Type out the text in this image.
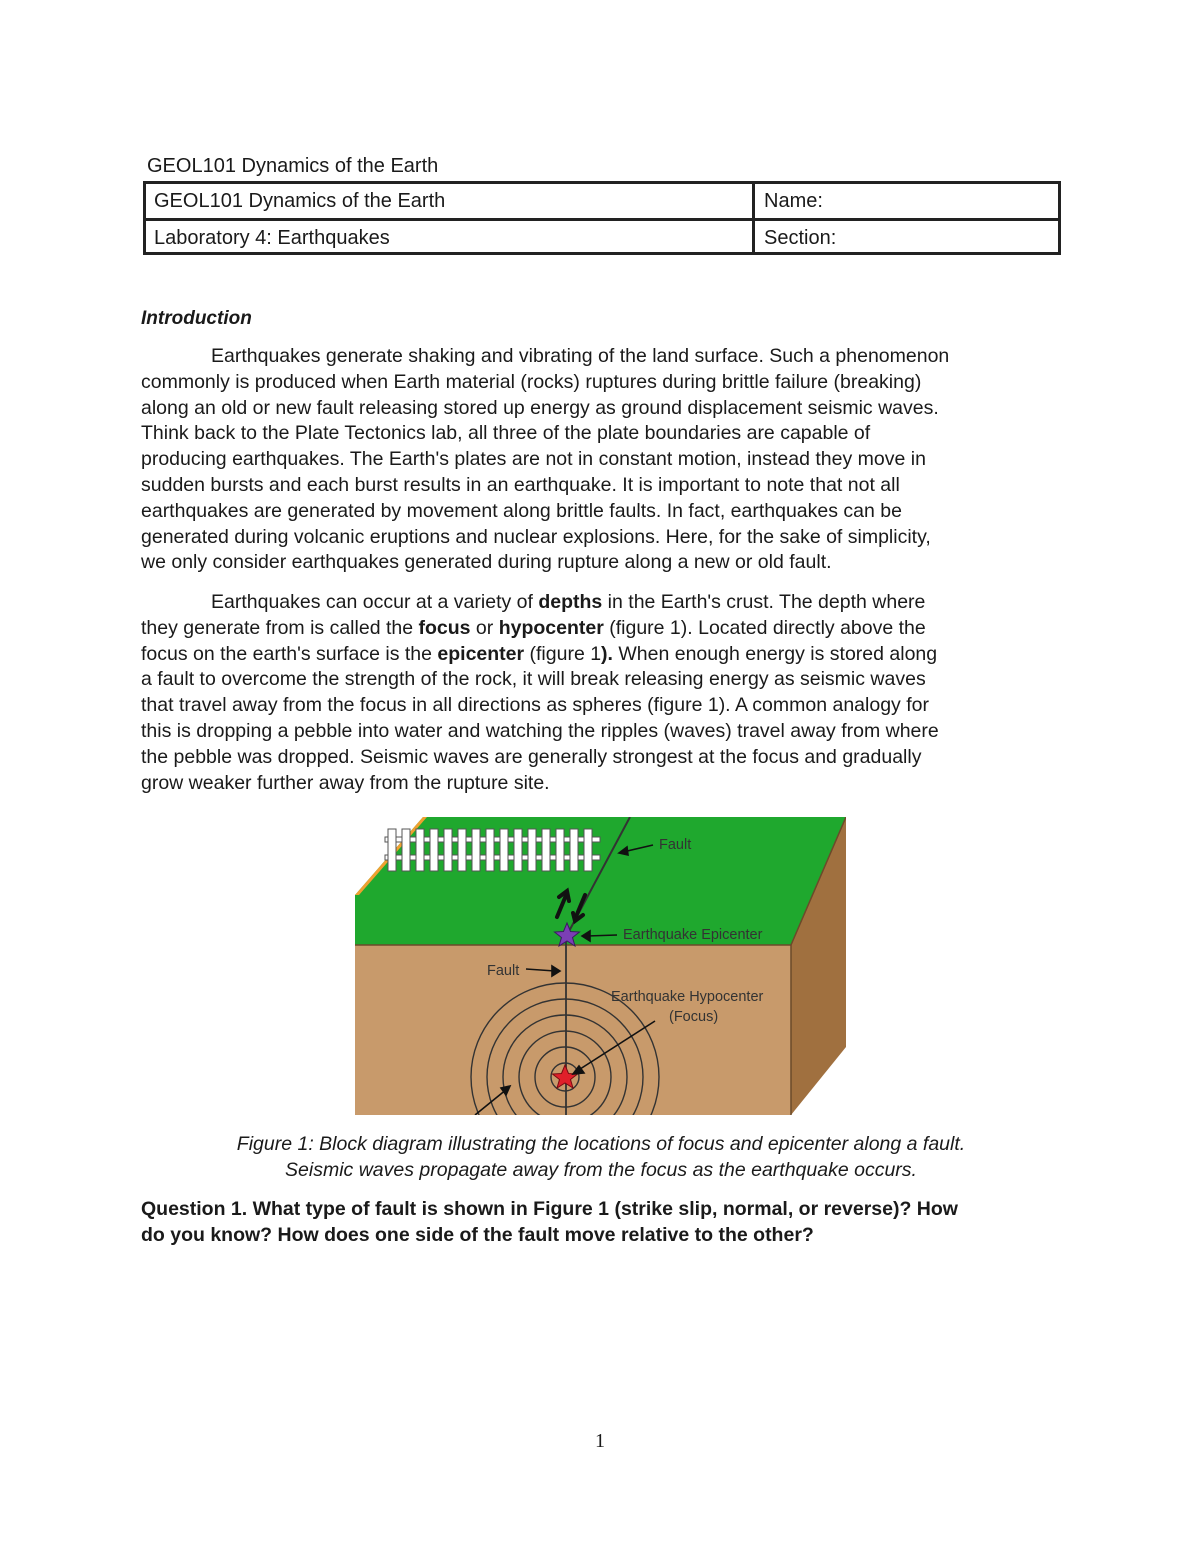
GEOL101 Dynamics of the Earth
GEOL101 Dynamics of the Earth	Name:
Laboratory 4: Earthquakes	Section:
Introduction
Earthquakes generate shaking and vibrating of the land surface. Such a phenomenon
commonly is produced when Earth material (rocks) ruptures during brittle failure (breaking)
along an old or new fault releasing stored up energy as ground displacement seismic waves.
Think back to the Plate Tectonics lab, all three of the plate boundaries are capable of
producing earthquakes. The Earth's plates are not in constant motion, instead they move in
sudden bursts and each burst results in an earthquake. It is important to note that not all
earthquakes are generated by movement along brittle faults. In fact, earthquakes can be
generated during volcanic eruptions and nuclear explosions. Here, for the sake of simplicity,
we only consider earthquakes generated during rupture along a new or old fault.
Earthquakes can occur at a variety of depths in the Earth's crust. The depth where
they generate from is called the focus or hypocenter (figure 1). Located directly above the
focus on the earth's surface is the epicenter (figure 1). When enough energy is stored along
a fault to overcome the strength of the rock, it will break releasing energy as seismic waves
that travel away from the focus in all directions as spheres (figure 1). A common analogy for
this is dropping a pebble into water and watching the ripples (waves) travel away from where
the pebble was dropped. Seismic waves are generally strongest at the focus and gradually
grow weaker further away from the rupture site.
Fault
Earthquake Epicenter
Fault
Earthquake Hypocenter
(Focus)
Figure 1: Block diagram illustrating the locations of focus and epicenter along a fault.
Seismic waves propagate away from the focus as the earthquake occurs.
Question 1. What type of fault is shown in Figure 1 (strike slip, normal, or reverse)? How
do you know? How does one side of the fault move relative to the other?
1
